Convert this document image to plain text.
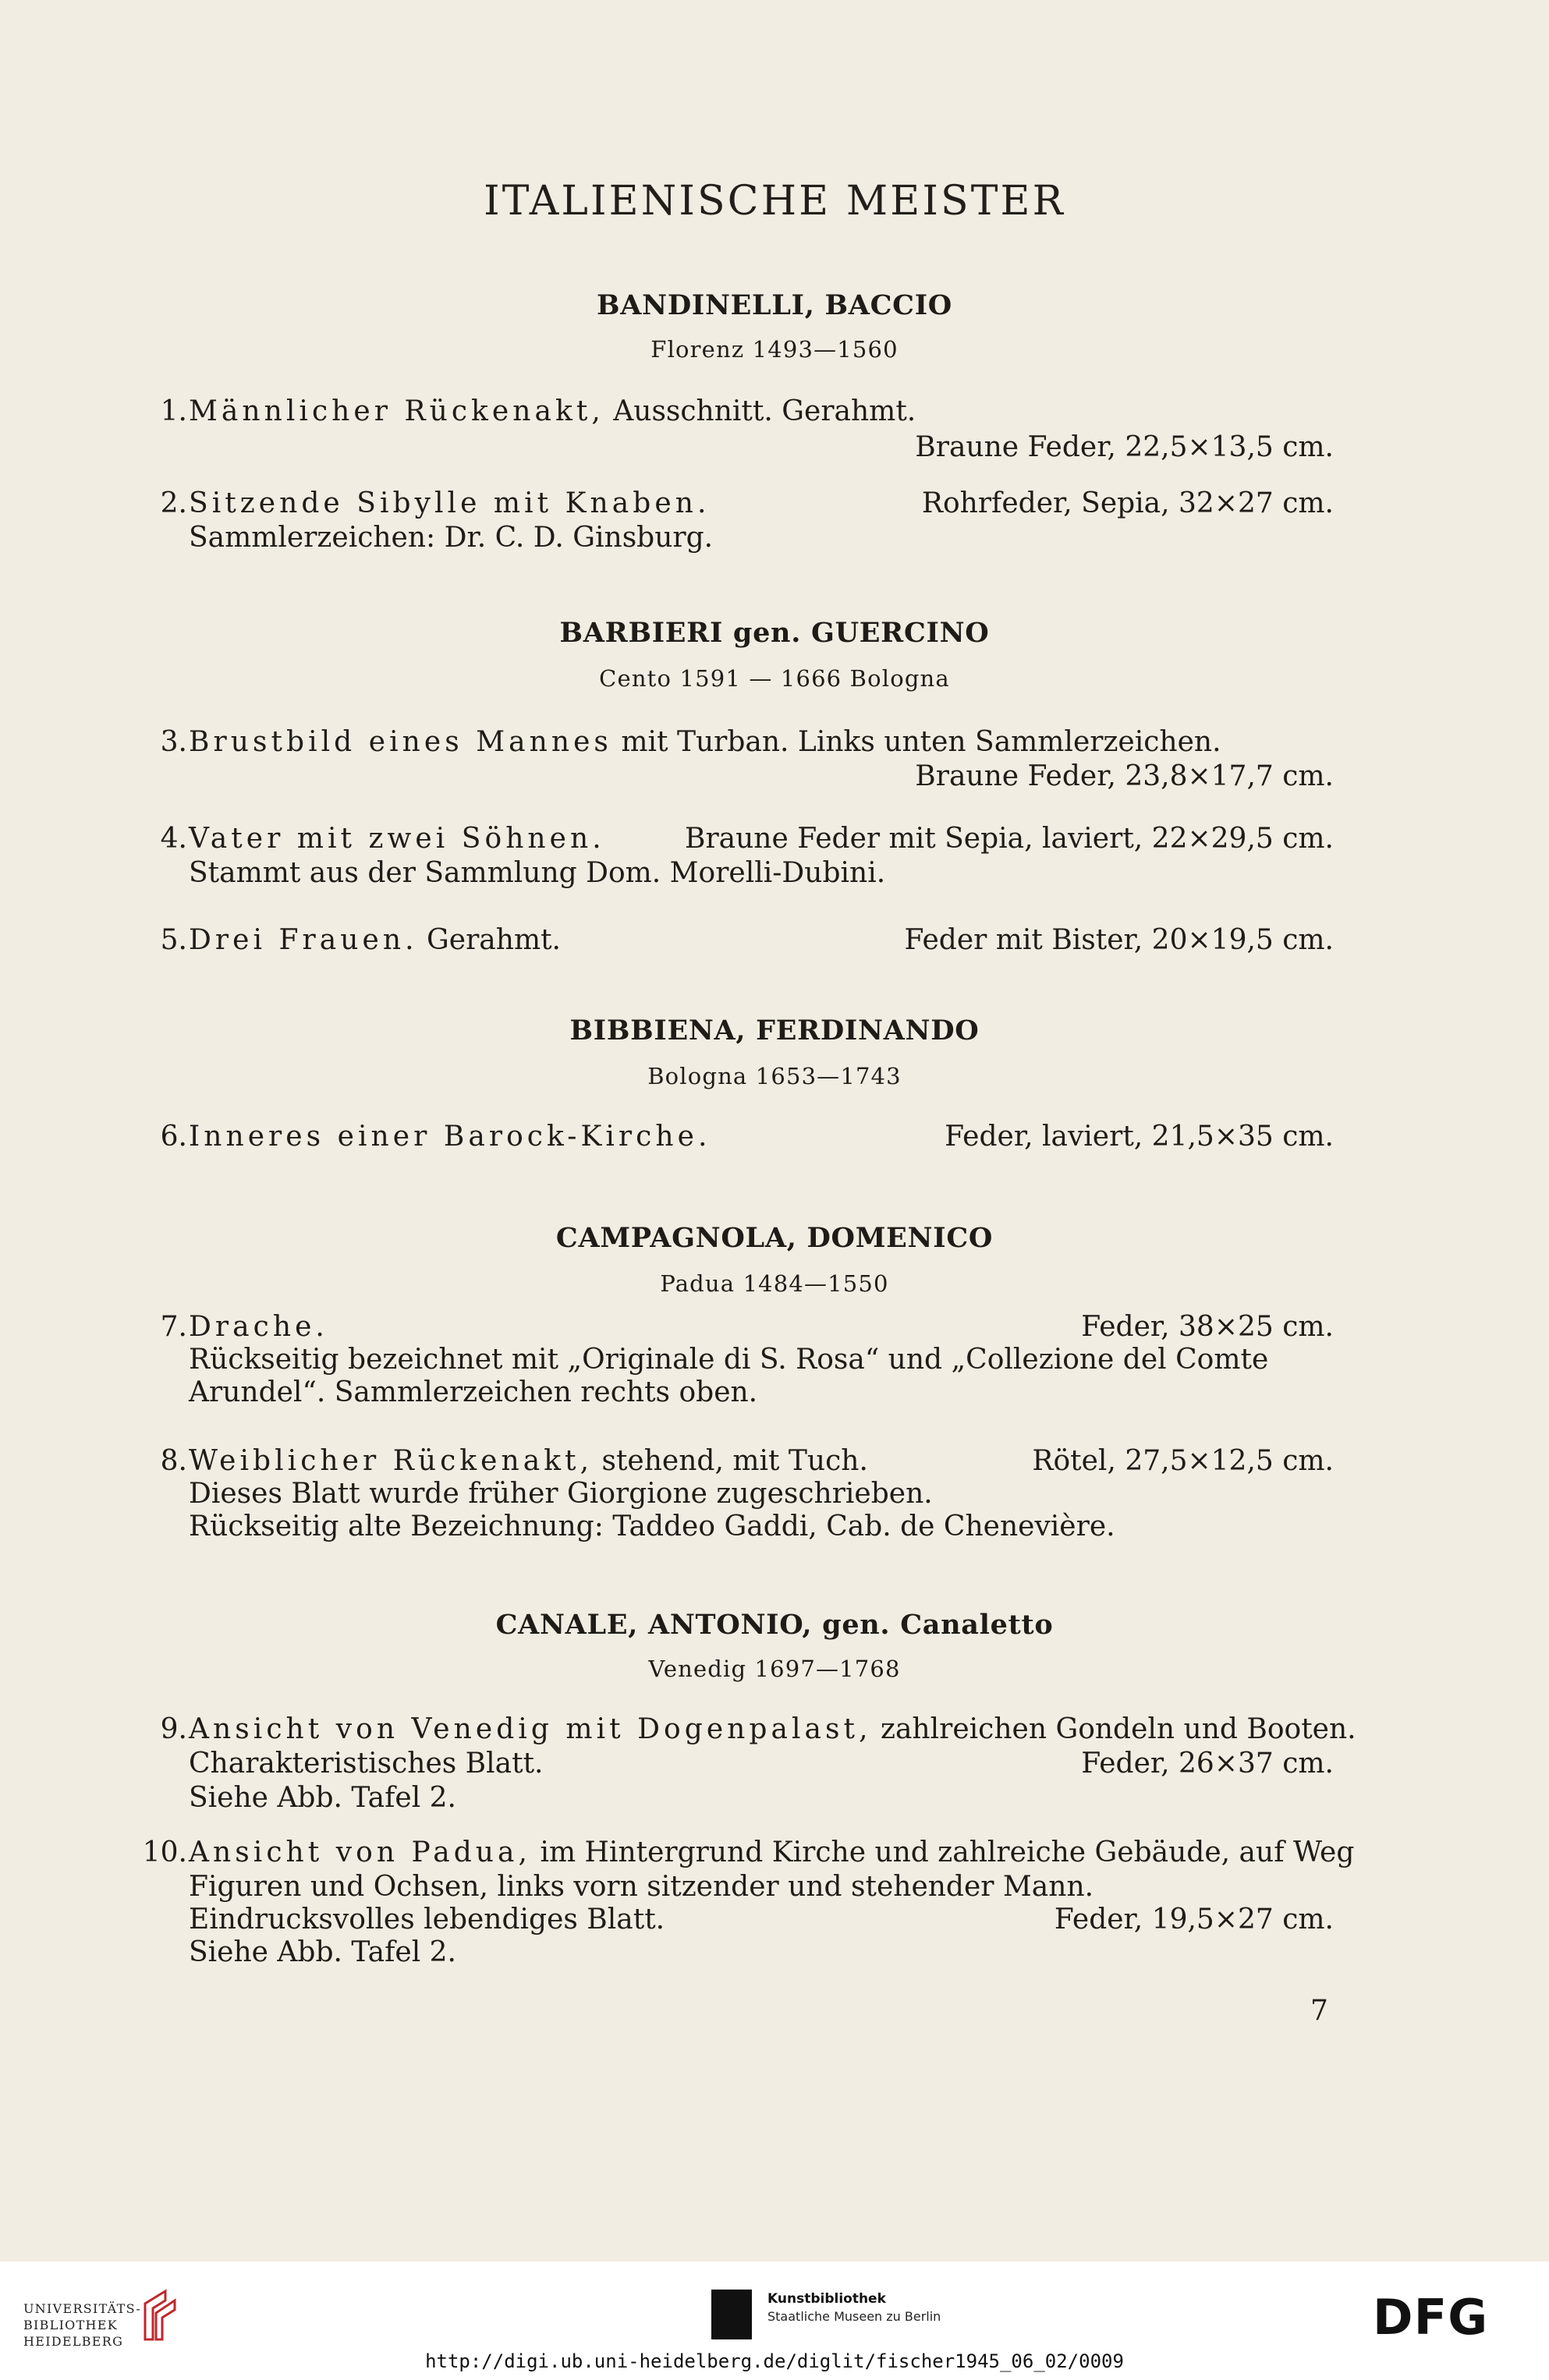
ITALIENISCHE MEISTER
BANDINELLI, BACCIO
Florenz 1493—1560
1. Männlicher Rückenakt, Ausschnitt. Gerahmt.
Braune Feder, 22,5×13,5 cm.
2. Sitzende Sibylle mit Knaben.	Rohrfeder, Sepia, 32×27 cm.
Sammlerzeichen: Dr. C. D. Ginsburg.
BARBIERI gen. GUERCINO
Cento 1591 — 1666 Bologna
3. Brustbild eines Mannes mit Turban. Links unten Sammlerzeichen.
Braune Feder, 23,8×17,7 cm.
4. Vater mit zwei Söhnen.	Braune Feder mit Sepia, laviert, 22×29,5 cm.
Stammt aus der Sammlung Dom. Morelli-Dubini.
5. Drei Frauen. Gerahmt.	Feder mit Bister, 20×19,5 cm.
BIBBIENA, FERDINANDO
Bologna 1653—1743
6. Inneres einer Barock-Kirche.	Feder, laviert, 21,5×35 cm.
CAMPAGNOLA, DOMENICO
Padua 1484—1550
7. Drache.	Feder, 38×25 cm.
Rückseitig bezeichnet mit „Originale di S. Rosa“ und „Collezione del Comte
Arundel“. Sammlerzeichen rechts oben.
8. Weiblicher Rückenakt, stehend, mit Tuch.	Rötel, 27,5×12,5 cm.
Dieses Blatt wurde früher Giorgione zugeschrieben.
Rückseitig alte Bezeichnung: Taddeo Gaddi, Cab. de Chenevière.
CANALE, ANTONIO, gen. Canaletto
Venedig 1697—1768
9. Ansicht von Venedig mit Dogenpalast, zahlreichen Gondeln und Booten.
Charakteristisches Blatt.	Feder, 26×37 cm.
Siehe Abb. Tafel 2.
10. Ansicht von Padua, im Hintergrund Kirche und zahlreiche Gebäude, auf Weg
Figuren und Ochsen, links vorn sitzender und stehender Mann.
Eindrucksvolles lebendiges Blatt.	Feder, 19,5×27 cm.
Siehe Abb. Tafel 2.
7
UNIVERSITÄTS-
BIBLIOTHEK
HEIDELBERG
Kunstbibliothek
Staatliche Museen zu Berlin	DFG
http://digi.ub.uni-heidelberg.de/diglit/fischer1945_06_02/0009
